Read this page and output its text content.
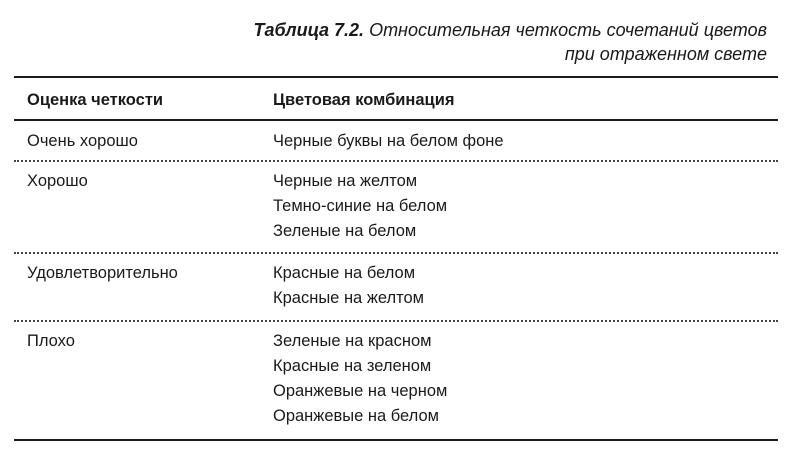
Таблица 7.2. Относительная четкость сочетаний цветов
при отраженном свете
Оценка четкости	Цветовая комбинация
Очень хорошо	Черные буквы на белом фоне
Хорошо	Черные на желтом
Темно-синие на белом
Зеленые на белом
Удовлетворительно	Красные на белом
Красные на желтом
Плохо	Зеленые на красном
Красные на зеленом
Оранжевые на черном
Оранжевые на белом
